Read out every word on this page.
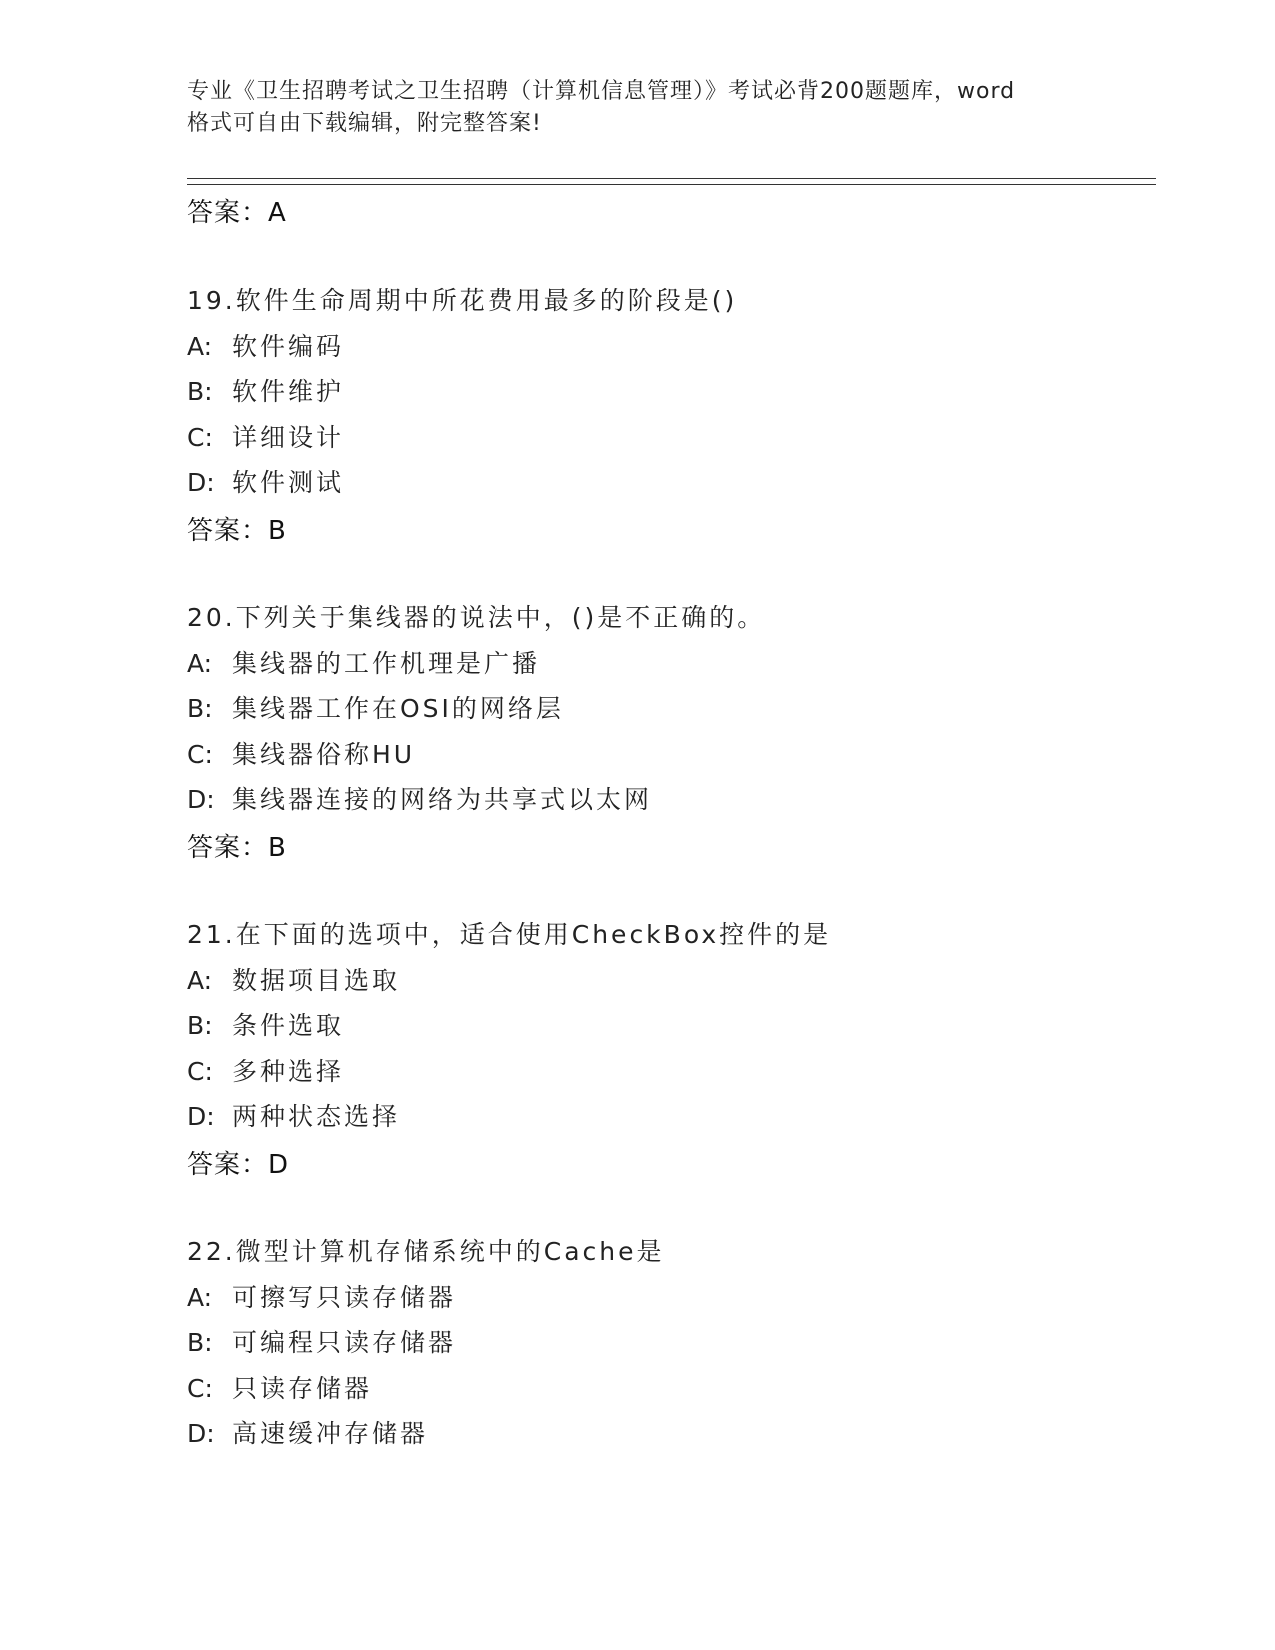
专业《卫生招聘考试之卫生招聘（计算机信息管理）》考试必背200题题库，word
格式可自由下载编辑，附完整答案!
答案：A
19.软件生命周期中所花费用最多的阶段是()
A: 软件编码
B: 软件维护
C: 详细设计
D: 软件测试
答案：B
20.下列关于集线器的说法中，()是不正确的。
A: 集线器的工作机理是广播
B: 集线器工作在OSI的网络层
C: 集线器俗称HU
D: 集线器连接的网络为共享式以太网
答案：B
21.在下面的选项中，适合使用CheckBox控件的是
A: 数据项目选取
B: 条件选取
C: 多种选择
D: 两种状态选择
答案：D
22.微型计算机存储系统中的Cache是
A: 可擦写只读存储器
B: 可编程只读存储器
C: 只读存储器
D: 高速缓冲存储器
